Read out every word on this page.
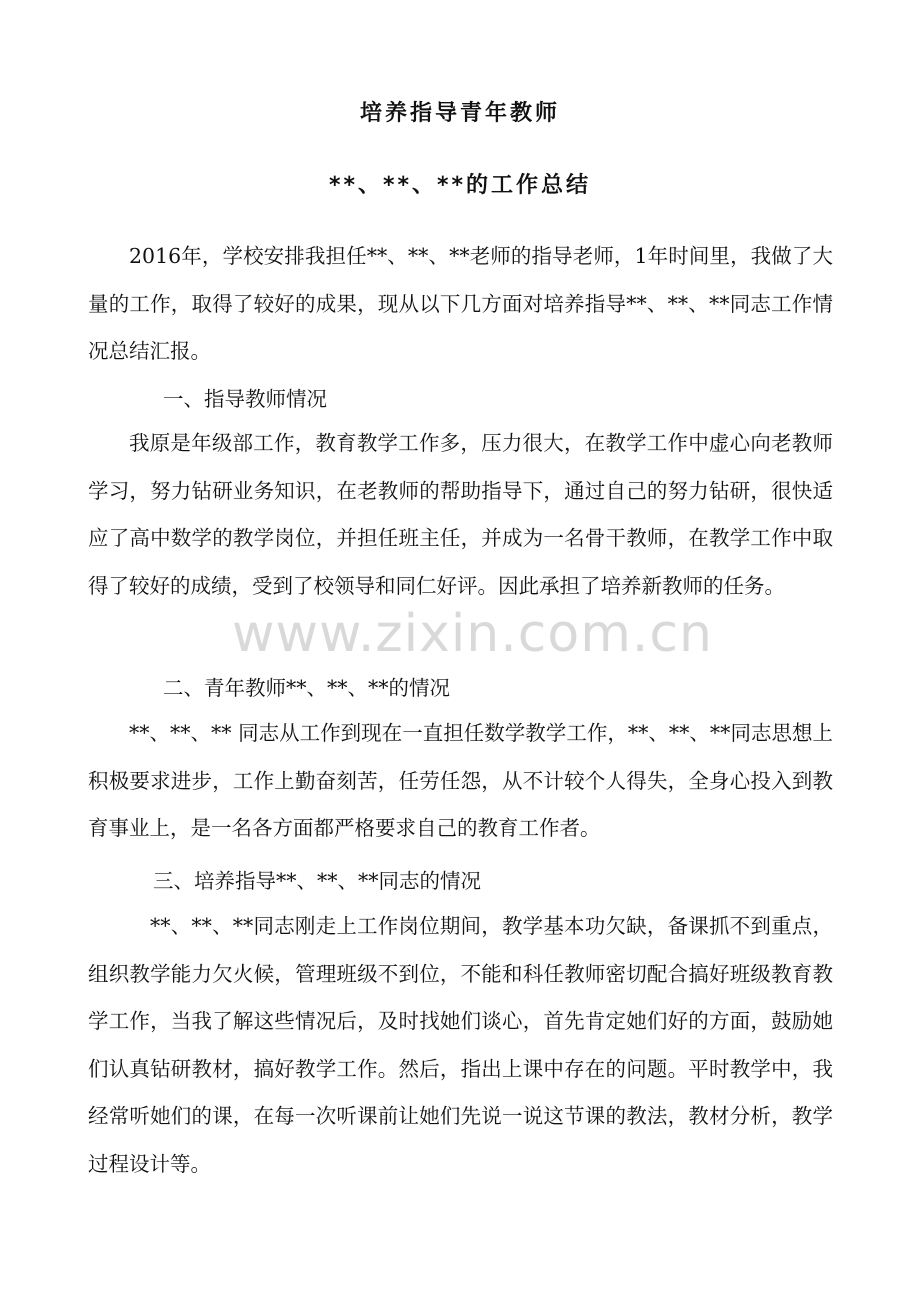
培养指导青年教师
**、**、**的工作总结

2016年，学校安排我担任**、**、**老师的指导老师，1年时间里，我做了大量的工作，取得了较好的成果，现从以下几方面对培养指导**、**、**同志工作情况总结汇报。

一、指导教师情况

我原是年级部工作，教育教学工作多，压力很大，在教学工作中虚心向老教师学习，努力钻研业务知识，在老教师的帮助指导下，通过自己的努力钻研，很快适应了高中数学的教学岗位，并担任班主任，并成为一名骨干教师，在教学工作中取得了较好的成绩，受到了校领导和同仁好评。因此承担了培养新教师的任务。

二、青年教师**、**、**的情况

**、**、** 同志从工作到现在一直担任数学教学工作，**、**、**同志思想上积极要求进步，工作上勤奋刻苦，任劳任怨，从不计较个人得失，全身心投入到教育事业上，是一名各方面都严格要求自己的教育工作者。

三、培养指导**、**、**同志的情况

**、**、**同志刚走上工作岗位期间，教学基本功欠缺，备课抓不到重点，组织教学能力欠火候，管理班级不到位，不能和科任教师密切配合搞好班级教育教学工作，当我了解这些情况后，及时找她们谈心，首先肯定她们好的方面，鼓励她们认真钻研教材，搞好教学工作。然后，指出上课中存在的问题。平时教学中，我经常听她们的课，在每一次听课前让她们先说一说这节课的教法，教材分析，教学过程设计等。

www.zixin.com.cn
